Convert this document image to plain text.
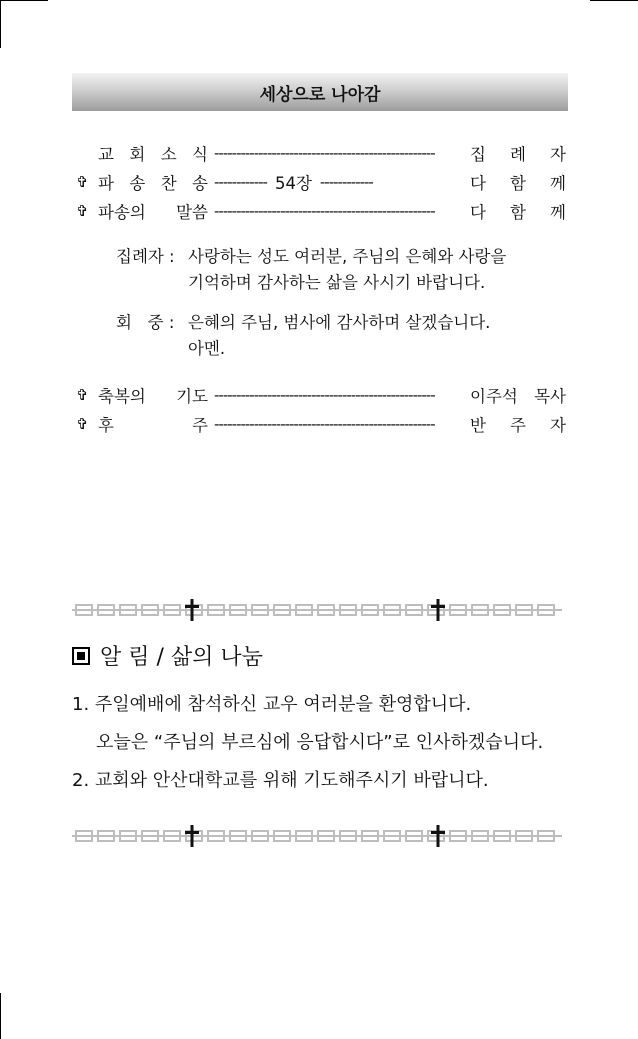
세상으로 나아감
교 회 소 식 --------------------------------------------------	집 례 자
✞ 파 송 찬 송 ------------ 54장 ------------	다 함 께
✞ 파송의 말씀 --------------------------------------------------	다 함 께
✞ 축복의 기도 --------------------------------------------------	이주석 목사
✞ 후	주 --------------------------------------------------	반 주 자
집례자 : 사랑하는 성도 여러분, 주님의 은혜와 사랑을
기억하며 감사하는 삶을 사시기 바랍니다.
회   중 : 은혜의 주님, 범사에 감사하며 살겠습니다.
아멘.
알 림 / 삶의 나눔
1. 주일예배에 참석하신 교우 여러분을 환영합니다.
오늘은 “주님의 부르심에 응답합시다”로 인사하겠습니다.
2. 교회와 안산대학교를 위해 기도해주시기 바랍니다.
